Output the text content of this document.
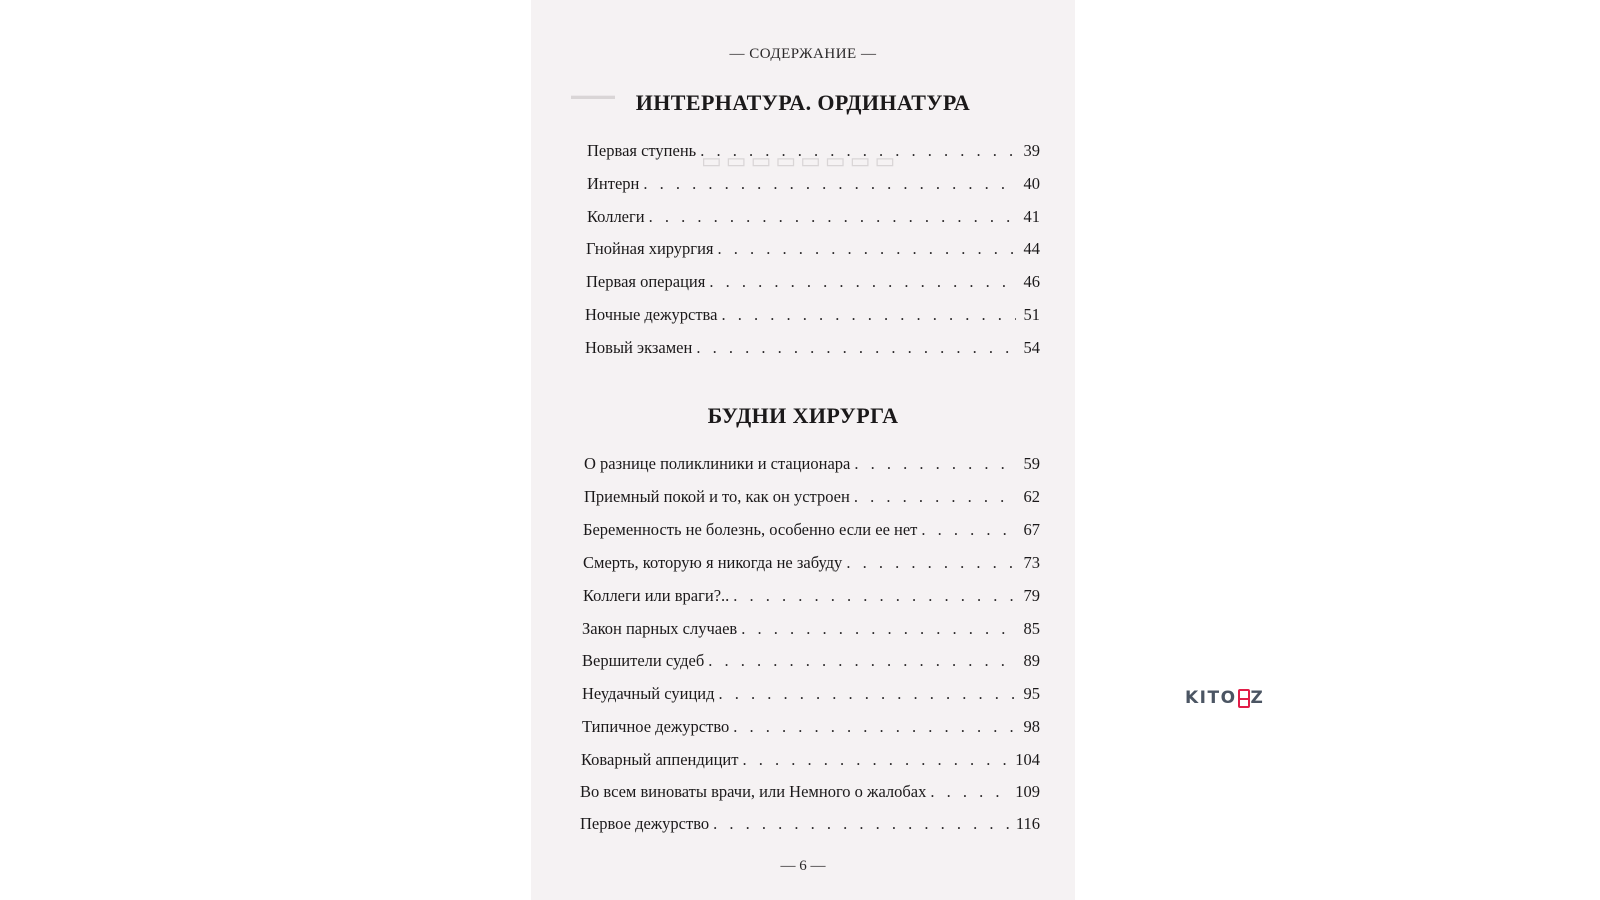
▬▬▬▬
▭▭▭▭▭▭▭▭
— СОДЕРЖАНИЕ —
ИНТЕРНАТУРА. ОРДИНАТУРА
Первая ступень . . .	39
Интерн . . .	40
Коллеги . . .	41
Гнойная хирургия . . .	44
Первая операция . . .	46
Ночные дежурства . . .	51
Новый экзамен . . .	54
БУДНИ ХИРУРГА
О разнице поликлиники и стационара . . .	59
Приемный покой и то, как он устроен . . .	62
Беременность не болезнь, особенно если ее нет . . .	67
Смерть, которую я никогда не забуду . . .	73
Коллеги или враги?.. . . .	79
Закон парных случаев . . .	85
Вершители судеб . . .	89
Неудачный суицид . . .	95
Типичное дежурство . . .	98
Коварный аппендицит . . .	104
Во всем виноваты врачи, или Немного о жалобах . . .	109
Первое дежурство . . .	116
— 6 —
KITO Z
